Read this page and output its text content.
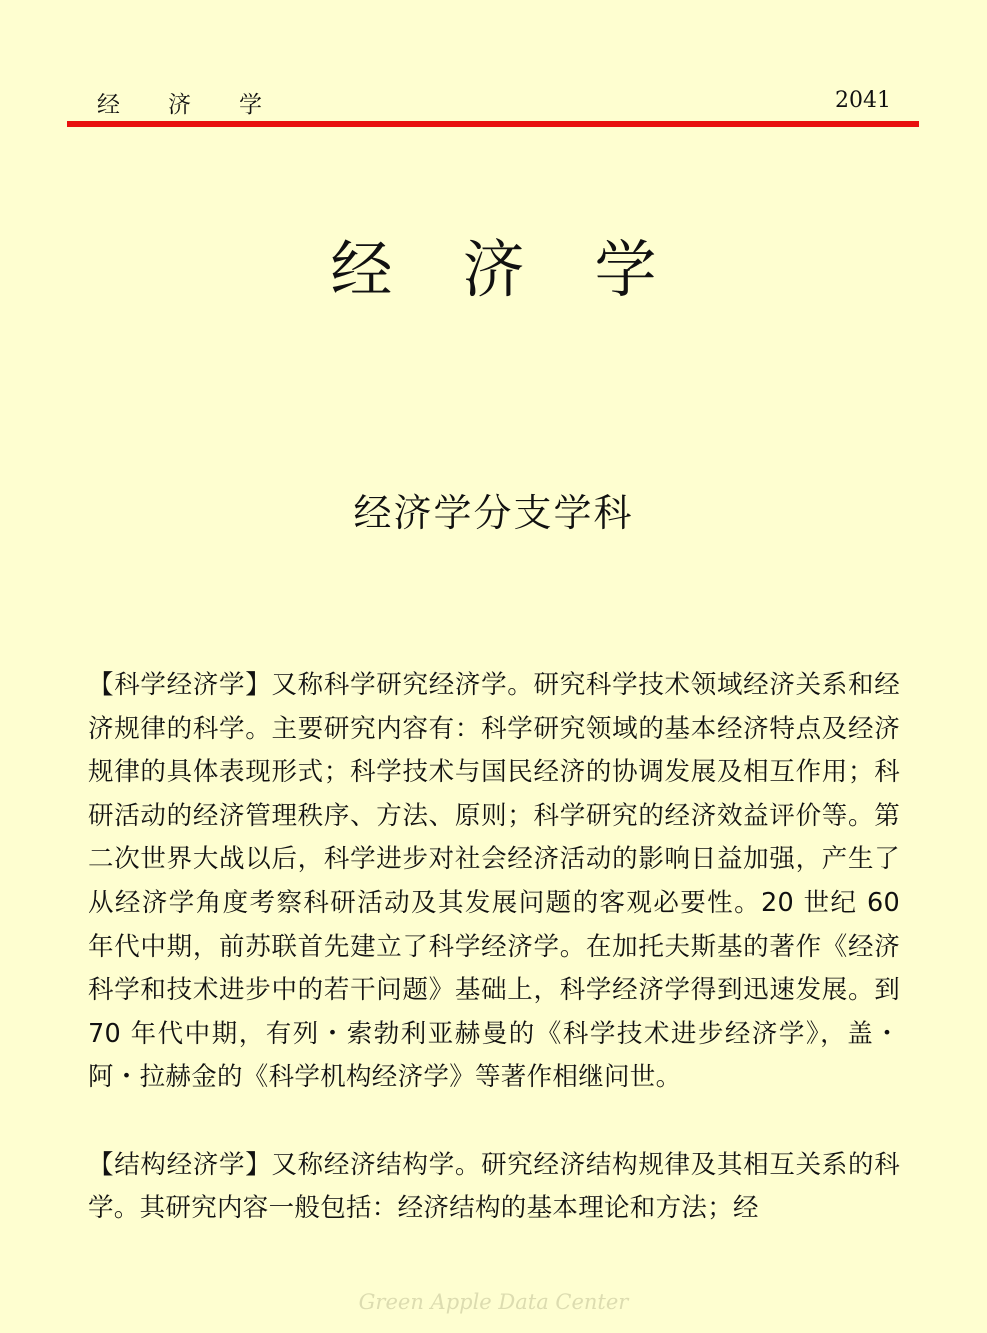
经济学	2041
经济学
经济学分支学科

【科学经济学】又称科学研究经济学。研究科学技术领域经济关系和经济规律的科学。主要研究内容有：科学研究领域的基本经济特点及经济规律的具体表现形式；科学技术与国民经济的协调发展及相互作用；科研活动的经济管理秩序、方法、原则；科学研究的经济效益评价等。第二次世界大战以后，科学进步对社会经济活动的影响日益加强，产生了从经济学角度考察科研活动及其发展问题的客观必要性。20 世纪 60 年代中期，前苏联首先建立了科学经济学。在加托夫斯基的著作《经济科学和技术进步中的若干问题》基础上，科学经济学得到迅速发展。到 70 年代中期，有列・索勃利亚赫曼的《科学技术进步经济学》，盖・阿・拉赫金的《科学机构经济学》等著作相继问世。

【结构经济学】又称经济结构学。研究经济结构规律及其相互关系的科学。其研究内容一般包括：经济结构的基本理论和方法；经

Green Apple Data Center
